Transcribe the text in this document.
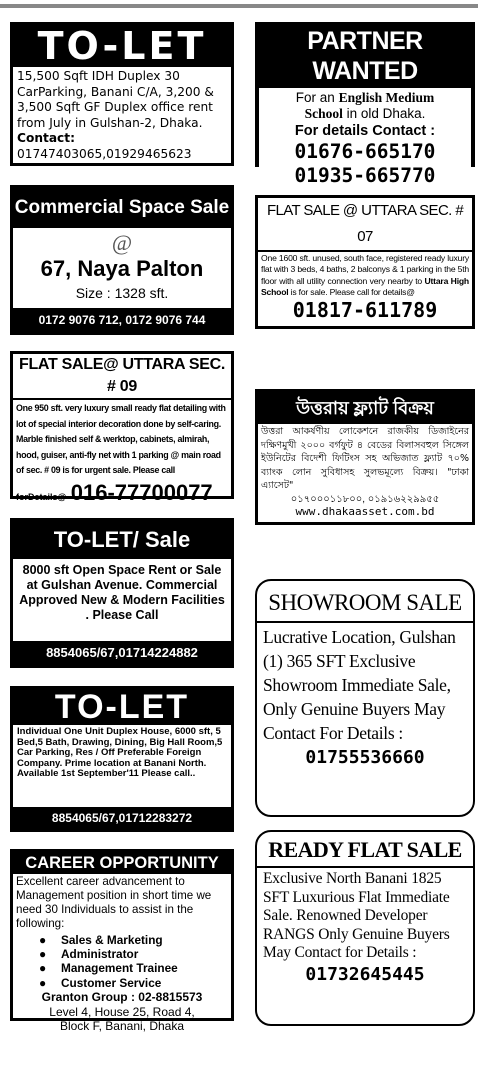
TO-LET
15,500 Sqft IDH Duplex 30 CarParking, Banani C/A, 3,200 & 3,500 Sqft GF Duplex office rent from July in Gulshan-2, Dhaka. Contact: 01747403065,01929465623
Commercial Space Sale
@
67, Naya Palton
Size : 1328 sft.
0172 9076 712, 0172 9076 744
FLAT SALE@ UTTARA SEC. # 09
One 950 sft. very luxury small ready flat detailing with lot of special interior decoration done by self-caring. Marble finished self & werktop, cabinets, almirah, hood, guiser, anti-fly net with 1 parking @ main road of sec. # 09 is for urgent sale. Please call
forDetails@ 016-77700077
TO-LET/ Sale
8000 sft Open Space Rent or Sale at Gulshan Avenue. Commercial Approved New & Modern Facilities . Please Call
8854065/67,01714224882
TO-LET
Individual One Unit Duplex House, 6000 sft, 5 Bed,5 Bath, Drawing, Dining, Big Hall Room,5 Car Parking, Res / Off Preferable Foreign Company. Prime location at Banani North. Available 1st September'11 Please call..
8854065/67,01712283272
CAREER OPPORTUNITY
Excellent career advancement to Management position in short time we need 30 Individuals to assist in the following:
● Sales & Marketing
● Administrator
● Management Trainee
● Customer Service
Granton Group : 02-8815573
Level 4, House 25, Road 4,
Block F, Banani, Dhaka
PARTNER WANTED
For an English Medium
School in old Dhaka.
For details Contact :
01676-665170
01935-665770
FLAT SALE @ UTTARA SEC. # 07
One 1600 sft. unused, south face, registered ready luxury flat with 3 beds, 4 baths, 2 balconys & 1 parking in the 5th floor with all utility connection very nearby to Uttara High School is for sale. Please call for details@
01817-611789
উত্তরায় ফ্ল্যাট বিক্রয়
উত্তরা আকর্ষণীয় লোকেশনে রাজকীয় ডিজাইনের দক্ষিণমুখী ২০০০ বর্গফুট ৪ বেডের বিলাসবহুল সিঙ্গেল ইউনিটের বিদেশী ফিটিংস সহ অভিজাত ফ্ল্যাট ৭০% ব্যাংক লোন সুবিধাসহ সুলভমূল্যে বিক্রয়। "ঢাকা এ্যাসেট"
০১৭০০০১১৮০০, ০১৯১৬২২৯৯৫৫
www.dhakaasset.com.bd
SHOWROOM SALE
Lucrative Location, Gulshan (1) 365 SFT Exclusive Showroom Immediate Sale, Only Genuine Buyers May Contact For Details :
01755536660
READY FLAT SALE
Exclusive North Banani 1825 SFT Luxurious Flat Immediate Sale. Renowned Developer RANGS Only Genuine Buyers May Contact for Details :
01732645445
